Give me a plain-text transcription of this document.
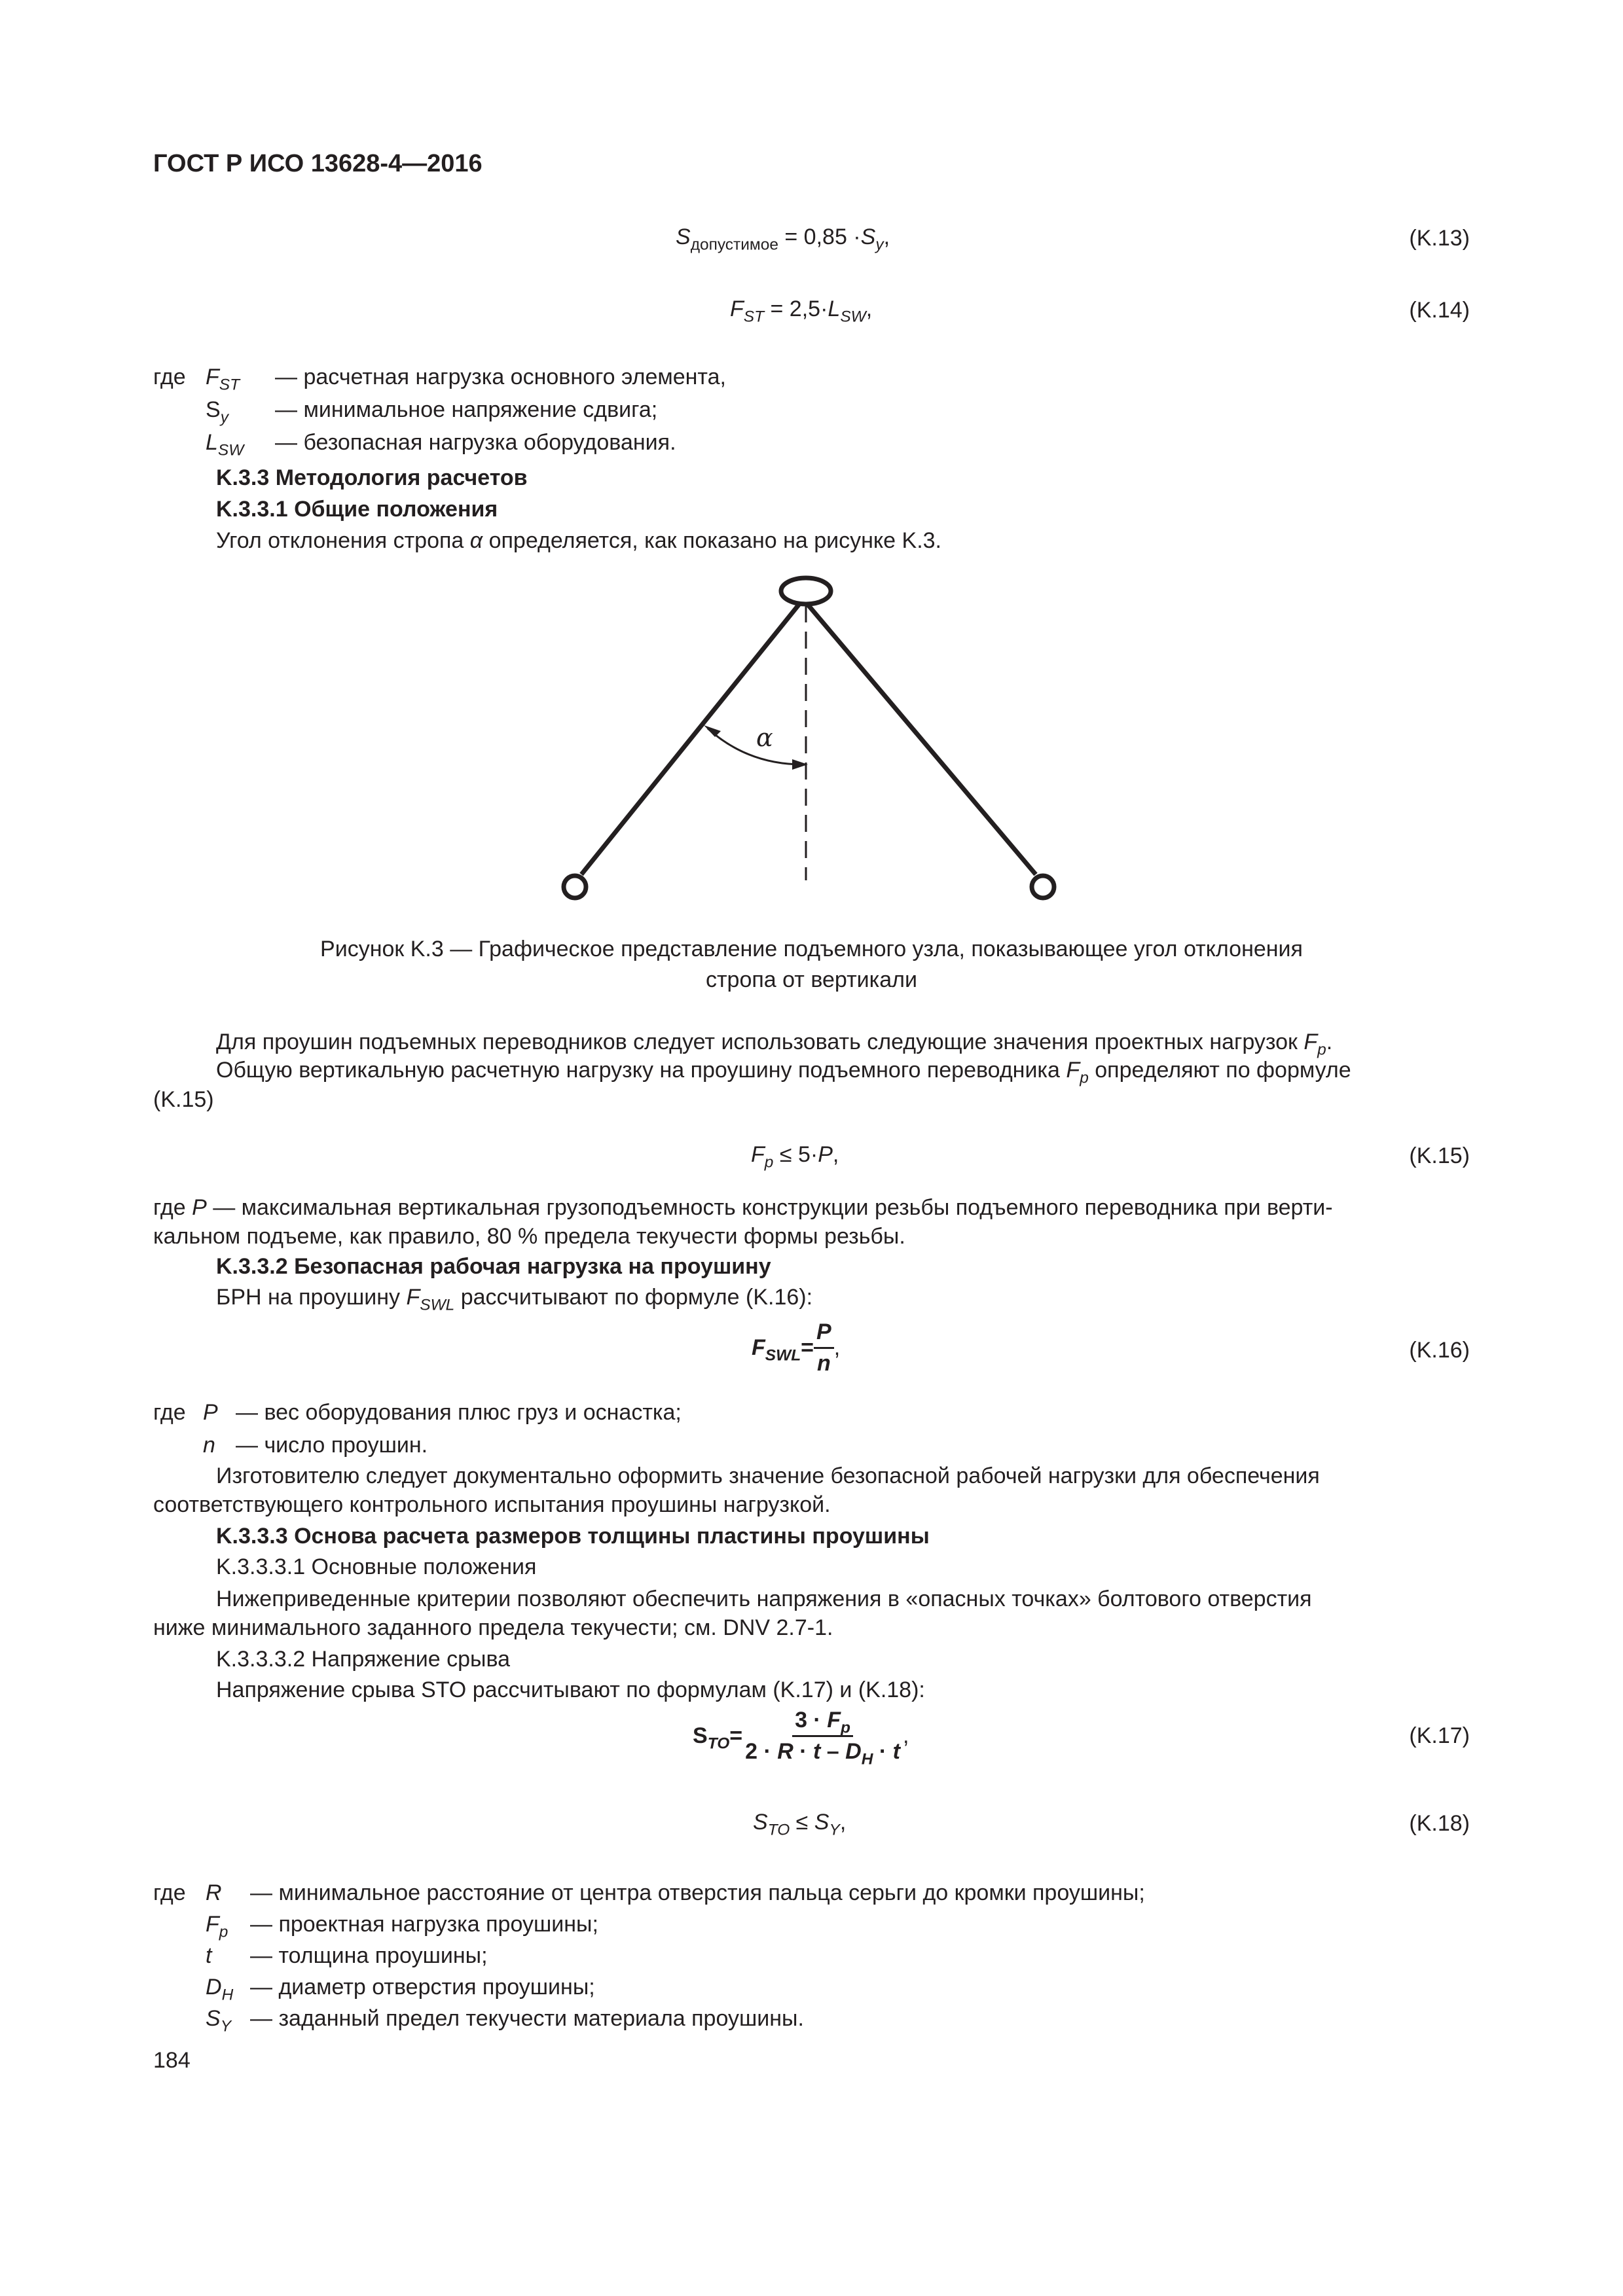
ГОСТ Р ИСО 13628-4—2016
$S_{допустимое} = 0,85 \cdot S_y$,	(K.13)
$F_{ST} = 2,5\cdot L_{SW}$,	(K.14)
где $F_{ST}$ — расчетная нагрузка основного элемента,
$S_y$ — минимальное напряжение сдвига;
$L_{SW}$ — безопасная нагрузка оборудования.
K.3.3 Методология расчетов
K.3.3.1 Общие положения
Угол отклонения стропа α определяется, как показано на рисунке K.3.
α
Рисунок K.3 — Графическое представление подъемного узла, показывающее угол отклонения
стропа от вертикали
Для проушин подъемных переводников следует использовать следующие значения проектных нагрузок $F_p$.
Общую вертикальную расчетную нагрузку на проушину подъемного переводника $F_p$ определяют по формуле
(K.15)
$F_p \le 5\cdot P$,	(K.15)
где P — максимальная вертикальная грузоподъемность конструкции резьбы подъемного переводника при верти-
кальном подъеме, как правило, 80 % предела текучести формы резьбы.
K.3.3.2 Безопасная рабочая нагрузка на проушину
БРН на проушину $F_{SWL}$ рассчитывают по формуле (K.16):
$F_{SWL} = \frac{P}{n}$ ,	(K.16)
где P — вес оборудования плюс груз и оснастка;
n — число проушин.
Изготовителю следует документально оформить значение безопасной рабочей нагрузки для обеспечения
соответствующего контрольного испытания проушины нагрузкой.
K.3.3.3 Основа расчета размеров толщины пластины проушины
K.3.3.3.1 Основные положения
Нижеприведенные критерии позволяют обеспечить напряжения в «опасных точках» болтового отверстия
ниже минимального заданного предела текучести; см. DNV 2.7-1.
K.3.3.3.2 Напряжение срыва
Напряжение срыва STO рассчитывают по формулам (K.17) и (K.18):
$S_{TO} = \frac{3 \cdot F_p}{2 \cdot R \cdot t - D_H \cdot t}$ ,	(K.17)
$S_{TO} \le S_Y$,	(K.18)
где R — минимальное расстояние от центра отверстия пальца серьги до кромки проушины;
$F_p$ — проектная нагрузка проушины;
t — толщина проушины;
$D_H$ — диаметр отверстия проушины;
$S_Y$ — заданный предел текучести материала проушины.
184
